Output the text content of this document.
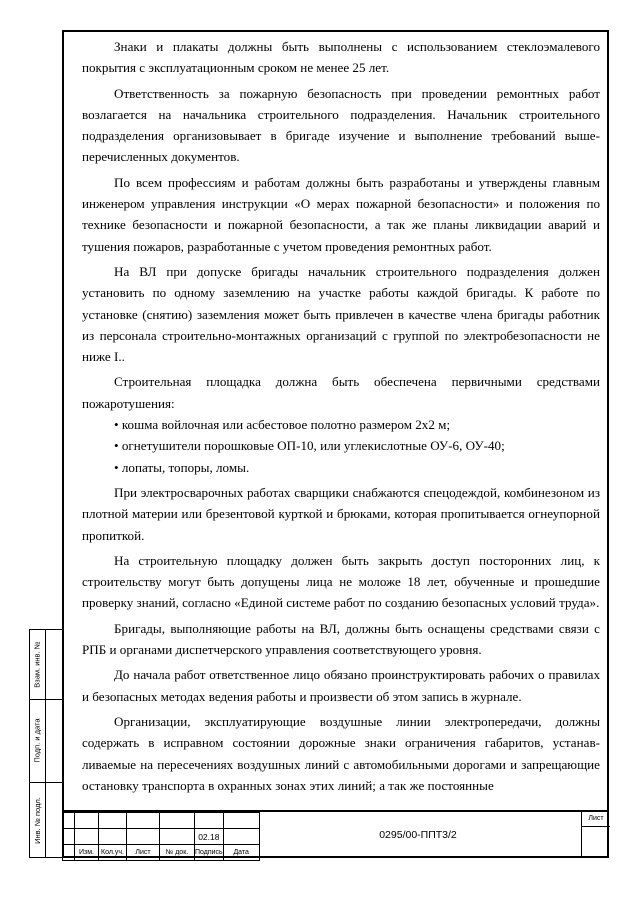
Знаки и плакаты должны быть выполнены с использованием стеклоэмалевого покрытия с эксплуатационным сроком не менее 25 лет.

Ответственность за пожарную безопасность при проведении ремонтных работ возлагается на начальника строительного подразделения. Начальник строительного подразделения организовывает в бригаде изучение и выполнение требований вышеперечисленных документов.

По всем профессиям и работам должны быть разработаны и утверждены главным инженером управления инструкции «О мерах пожарной безопасности» и положения по технике безопасности и пожарной безопасности, а так же планы ликвидации аварий и тушения пожаров, разработанные с учетом проведения ремонтных работ.

На ВЛ при допуске бригады начальник строительного подразделения должен установить по одному заземлению на участке работы каждой бригады. К работе по установке (снятию) заземления может быть привлечен в качестве члена бригады работник из персонала строительно-монтажных организаций с группой по электробезопасности не ниже I..

Строительная площадка должна быть обеспечена первичными средствами пожаротушения:

• кошма войлочная или асбестовое полотно размером 2х2 м;

• огнетушители порошковые ОП-10, или углекислотные ОУ-6, ОУ-40;

• лопаты, топоры, ломы.

При электросварочных работах сварщики снабжаются спецодеждой, комбинезоном из плотной материи или брезентовой курткой и брюками, которая пропитывается огнеупорной пропиткой.

На строительную площадку должен быть закрыть доступ посторонних лиц, к строительству могут быть допущены лица не моложе 18 лет, обученные и прошедшие проверку знаний, согласно «Единой системе работ по созданию безопасных условий труда».

Бригады, выполняющие работы на ВЛ, должны быть оснащены средствами связи с РПБ и органами диспетчерского управления соответствующего уровня.

До начала работ ответственное лицо обязано проинструктировать рабочих о правилах и безопасных методах ведения работы и произвести об этом запись в журнале.

Организации, эксплуатирующие воздушные линии электропередачи, должны содержать в исправном состоянии дорожные знаки ограничения габаритов, устанавливаемые на пересечениях воздушных линий с автомобильными дорогами и запрещающие остановку транспорта в охранных зонах этих линий; а так же постоянные

Взам. инв. №
Подп. и дата
Инв. № подл.

						02.18	
	Изм.	Кол.уч.	Лист	№ док.	Подпись	Дата
0295/00-ППТ3/2
Лист
